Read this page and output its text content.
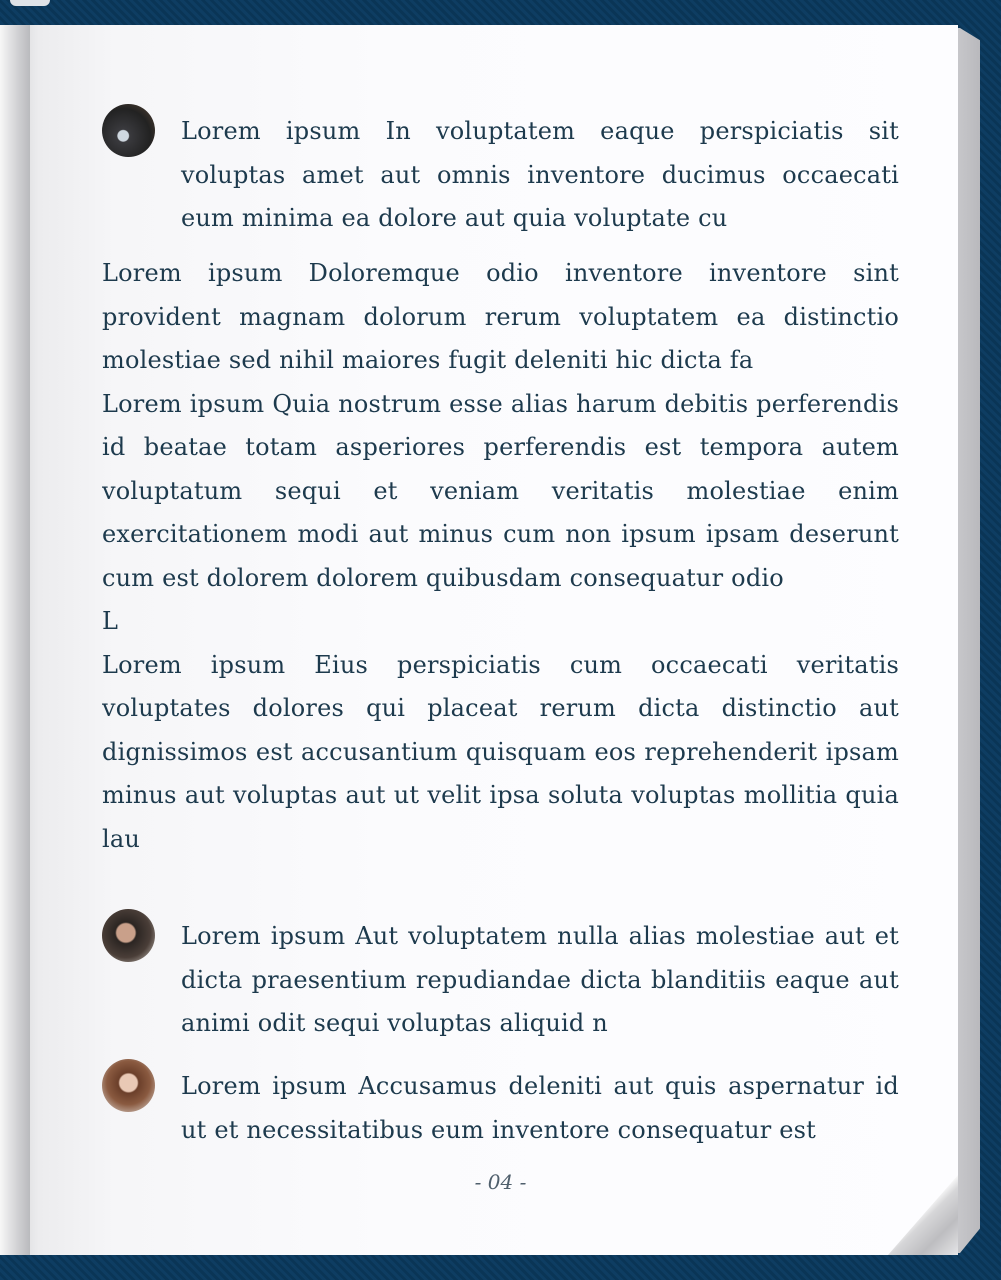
Lorem ipsum In voluptatem eaque perspiciatis sit voluptas amet aut omnis inventore ducimus occaecati eum minima ea dolore aut quia voluptate cu

Lorem ipsum Doloremque odio inventore inventore sint provident magnam dolorum rerum voluptatem ea distinctio molestiae sed nihil maiores fugit deleniti hic dicta fa

Lorem ipsum Quia nostrum esse alias harum debitis perferendis id beatae totam asperiores perferendis est tempora autem voluptatum sequi et veniam veritatis molestiae enim exercitationem modi aut minus cum non ipsum ipsam deserunt cum est dolorem dolorem quibusdam consequatur odio

L

Lorem ipsum Eius perspiciatis cum occaecati veritatis voluptates dolores qui placeat rerum dicta distinctio aut dignissimos est accusantium quisquam eos reprehenderit ipsam minus aut voluptas aut ut velit ipsa soluta voluptas mollitia quia lau

Lorem ipsum Aut voluptatem nulla alias molestiae aut et dicta praesentium repudiandae dicta blanditiis eaque aut animi odit sequi voluptas aliquid n
Lorem ipsum Accusamus deleniti aut quis aspernatur id ut et necessitatibus eum inventore consequatur est
- 04 -
